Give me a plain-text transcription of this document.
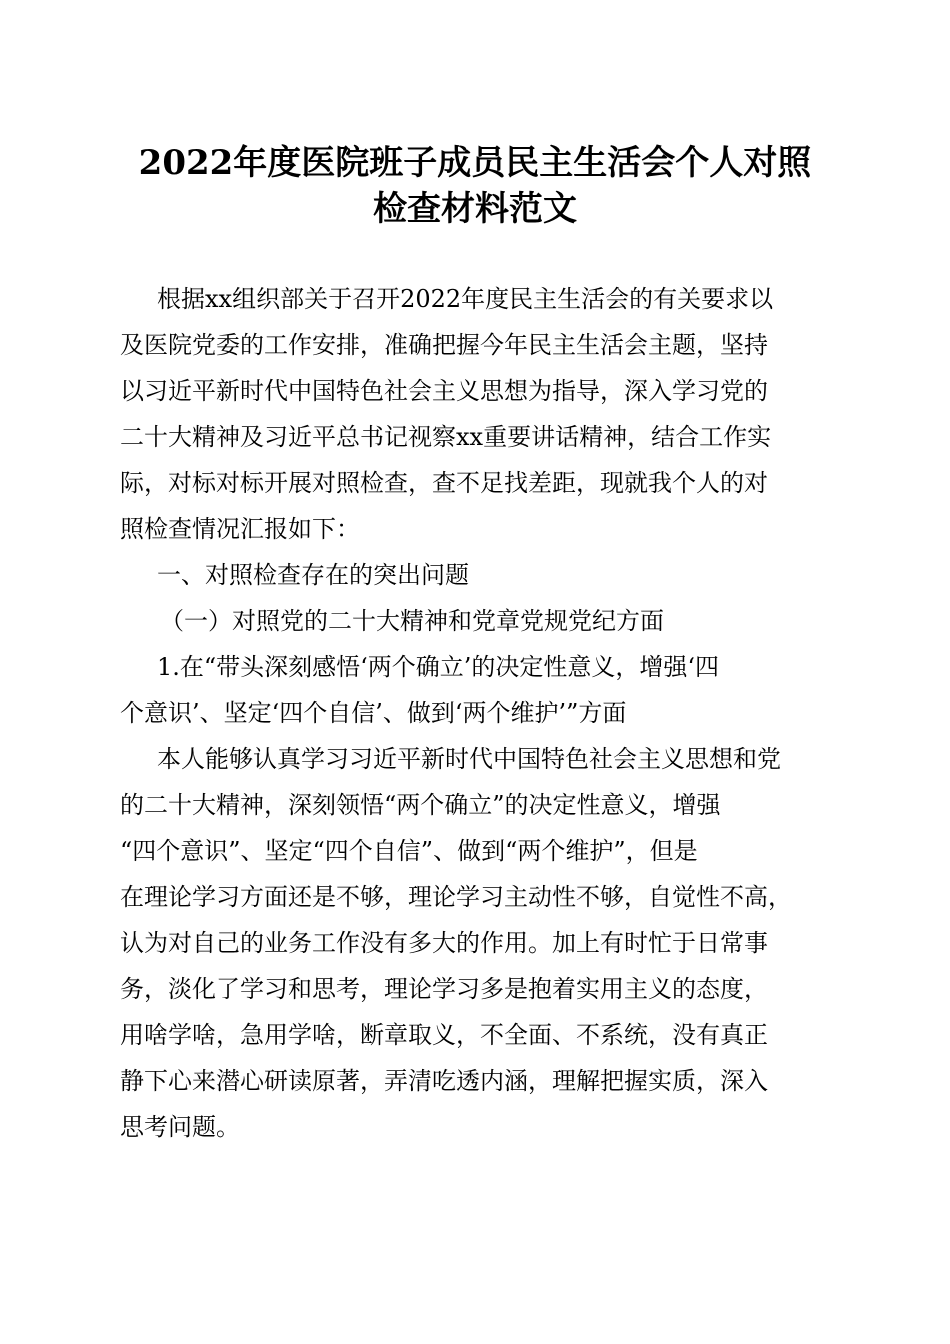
2022年度医院班子成员民主生活会个人对照
检查材料范文
根据xx组织部关于召开2022年度民主生活会的有关要求以
及医院党委的工作安排，准确把握今年民主生活会主题，坚持
以习近平新时代中国特色社会主义思想为指导，深入学习党的
二十大精神及习近平总书记视察xx重要讲话精神，结合工作实
际，对标对标开展对照检查，查不足找差距，现就我个人的对
照检查情况汇报如下：
一、对照检查存在的突出问题
（一）对照党的二十大精神和党章党规党纪方面
1.在“带头深刻感悟‘两个确立’的决定性意义，增强‘四
个意识’、坚定‘四个自信’、做到‘两个维护’”方面
本人能够认真学习习近平新时代中国特色社会主义思想和党
的二十大精神，深刻领悟“两个确立”的决定性意义，增强
“四个意识”、坚定“四个自信”、做到“两个维护”，但是
在理论学习方面还是不够，理论学习主动性不够，自觉性不高，
认为对自己的业务工作没有多大的作用。加上有时忙于日常事
务，淡化了学习和思考，理论学习多是抱着实用主义的态度，
用啥学啥，急用学啥，断章取义，不全面、不系统，没有真正
静下心来潜心研读原著，弄清吃透内涵，理解把握实质，深入
思考问题。
